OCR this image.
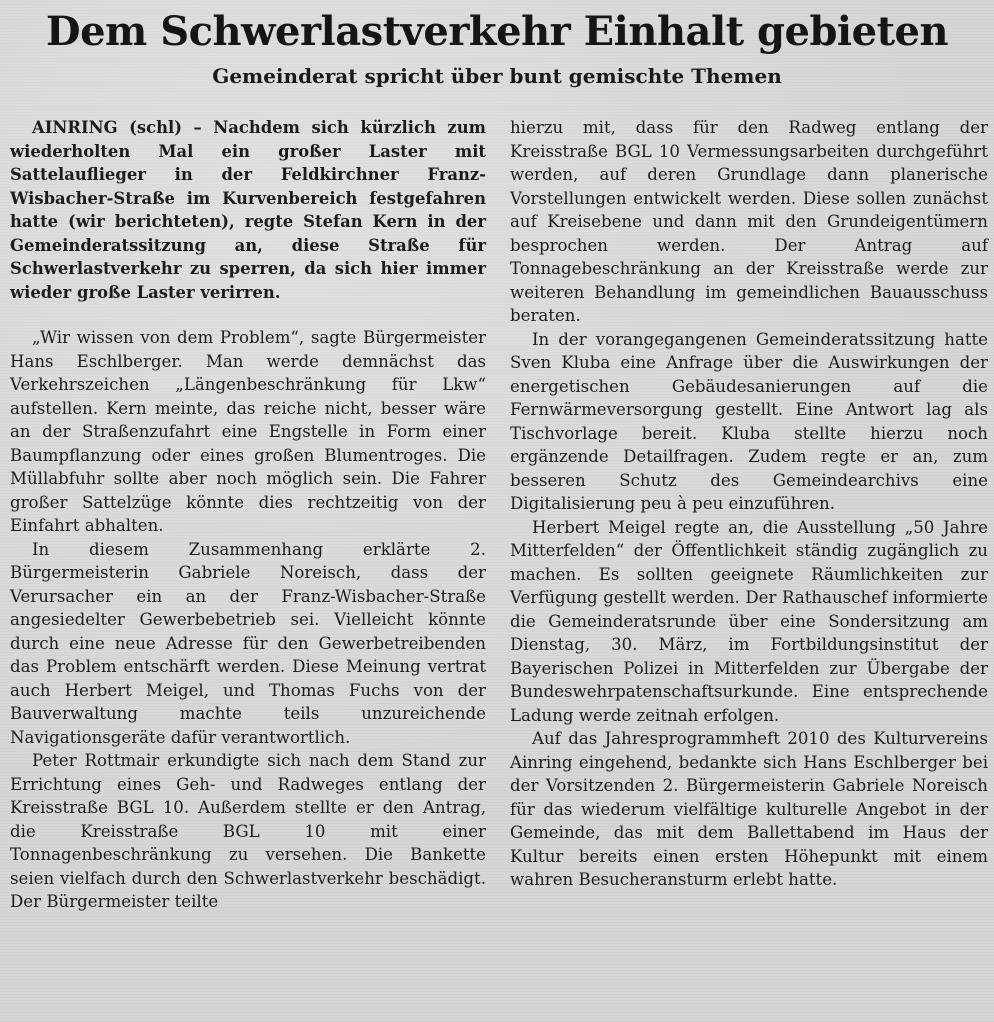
Dem Schwerlastverkehr Einhalt gebieten
Gemeinderat spricht über bunt gemischte Themen

AINRING (schl) – Nachdem sich kürzlich zum wiederholten Mal ein großer Laster mit Sattelauflieger in der Feldkirchner Franz-Wisbacher-Straße im Kurvenbereich festgefahren hatte (wir berichteten), regte Stefan Kern in der Gemeinderatssitzung an, diese Straße für Schwerlastverkehr zu sperren, da sich hier immer wieder große Laster verirren.

„Wir wissen von dem Problem“, sagte Bürgermeister Hans Eschlberger. Man werde demnächst das Verkehrszeichen „Längenbeschränkung für Lkw“ aufstellen. Kern meinte, das reiche nicht, besser wäre an der Straßenzufahrt eine Engstelle in Form einer Baumpflanzung oder eines großen Blumentroges. Die Müllabfuhr sollte aber noch möglich sein. Die Fahrer großer Sattelzüge könnte dies rechtzeitig von der Einfahrt abhalten.

In diesem Zusammenhang erklärte 2. Bürgermeisterin Gabriele Noreisch, dass der Verursacher ein an der Franz-Wisbacher-Straße angesiedelter Gewerbebetrieb sei. Vielleicht könnte durch eine neue Adresse für den Gewerbetreibenden das Problem entschärft werden. Diese Meinung vertrat auch Herbert Meigel, und Thomas Fuchs von der Bauverwaltung machte teils unzureichende Navigationsgeräte dafür verantwortlich.

Peter Rottmair erkundigte sich nach dem Stand zur Errichtung eines Geh- und Radweges entlang der Kreisstraße BGL 10. Außerdem stellte er den Antrag, die Kreisstraße BGL 10 mit einer Tonnagenbeschränkung zu versehen. Die Bankette seien vielfach durch den Schwerlastverkehr beschädigt. Der Bürgermeister teilte

hierzu mit, dass für den Radweg entlang der Kreisstraße BGL 10 Vermessungsarbeiten durchgeführt werden, auf deren Grundlage dann planerische Vorstellungen entwickelt werden. Diese sollen zunächst auf Kreisebene und dann mit den Grundeigentümern besprochen werden. Der Antrag auf Tonnagebeschränkung an der Kreisstraße werde zur weiteren Behandlung im gemeindlichen Bauausschuss beraten.

In der vorangegangenen Gemeinderatssitzung hatte Sven Kluba eine Anfrage über die Auswirkungen der energetischen Gebäudesanierungen auf die Fernwärmeversorgung gestellt. Eine Antwort lag als Tischvorlage bereit. Kluba stellte hierzu noch ergänzende Detailfragen. Zudem regte er an, zum besseren Schutz des Gemeindearchivs eine Digitalisierung peu à peu einzuführen.

Herbert Meigel regte an, die Ausstellung „50 Jahre Mitterfelden“ der Öffentlichkeit ständig zugänglich zu machen. Es sollten geeignete Räumlichkeiten zur Verfügung gestellt werden. Der Rathauschef informierte die Gemeinderatsrunde über eine Sondersitzung am Dienstag, 30. März, im Fortbildungsinstitut der Bayerischen Polizei in Mitterfelden zur Übergabe der Bundeswehrpatenschaftsurkunde. Eine entsprechende Ladung werde zeitnah erfolgen.

Auf das Jahresprogrammheft 2010 des Kulturvereins Ainring eingehend, bedankte sich Hans Eschlberger bei der Vorsitzenden 2. Bürgermeisterin Gabriele Noreisch für das wiederum vielfältige kulturelle Angebot in der Gemeinde, das mit dem Ballettabend im Haus der Kultur bereits einen ersten Höhepunkt mit einem wahren Besucheransturm erlebt hatte.
